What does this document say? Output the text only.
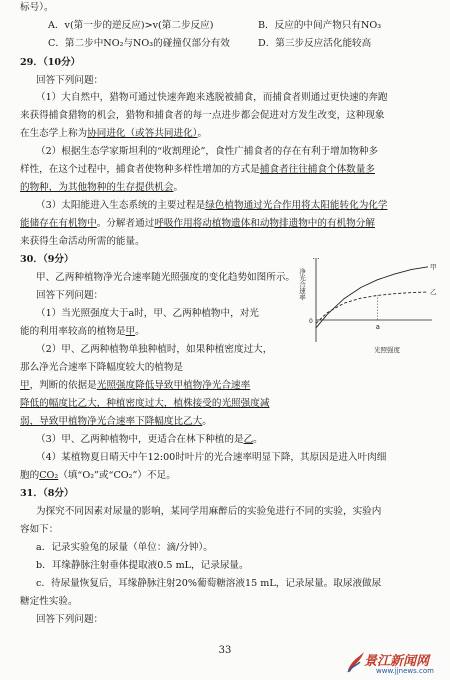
标号）。
A．v(第一步的逆反应)>v(第二步反应)	B．反应的中间产物只有NO₃
C．第二步中NO₂与NO₃的碰撞仅部分有效	D．第三步反应活化能较高
29．（10分）
回答下列问题：
（1）大自然中，猎物可通过快速奔跑来逃脱被捕食，而捕食者则通过更快速的奔跑
来获得捕食猎物的机会，猎物和捕食者的每一点进步都会促进对方发生改变，这种现象
在生态学上称为协同进化（或答共同进化）。
（2）根据生态学家斯坦利的“收割理论”，食性广捕食者的存在有利于增加物种多
样性，在这个过程中，捕食者使物种多样性增加的方式是捕食者往往捕食个体数量多
的物种，为其他物种的生存提供机会。
（3）太阳能进入生态系统的主要过程是绿色植物通过光合作用将太阳能转化为化学
能储存在有机物中。分解者通过呼吸作用将动植物遗体和动物排遗物中的有机物分解
来获得生命活动所需的能量。
30．（9分）
甲、乙两种植物净光合速率随光照强度的变化趋势如图所示。
回答下列问题：
（1）当光照强度大于a时，甲、乙两种植物中，对光
能的利用率较高的植物是甲。
（2）甲、乙两种植物单独种植时，如果种植密度过大，
那么净光合速率下降幅度较大的植物是
甲，判断的依据是光照强度降低导致甲植物净光合速率
降低的幅度比乙大，种植密度过大，植株接受的光照强度减
弱，导致甲植物净光合速率下降幅度比乙大。
（3）甲、乙两种植物中，更适合在林下种植的是乙。
（4）某植物夏日晴天中午12:00时叶片的光合速率明显下降，其原因是进入叶肉细
胞的CO₂（填“O₂”或“CO₂”）不足。
净光合速率
光照强度
a
0
甲
乙
31．（8分）
为探究不同因素对尿量的影响，某同学用麻醉后的实验兔进行不同的实验，实验内
容如下：
a．记录实验兔的尿量（单位：滴/分钟）。
b．耳缘静脉注射垂体提取液0.5 mL，记录尿量。
c．待尿量恢复后，耳缘静脉注射20%葡萄糖溶液15 mL，记录尿量。取尿液做尿
糖定性实验。
回答下列问题：
33
景江新闻网
www.jjnews.com
